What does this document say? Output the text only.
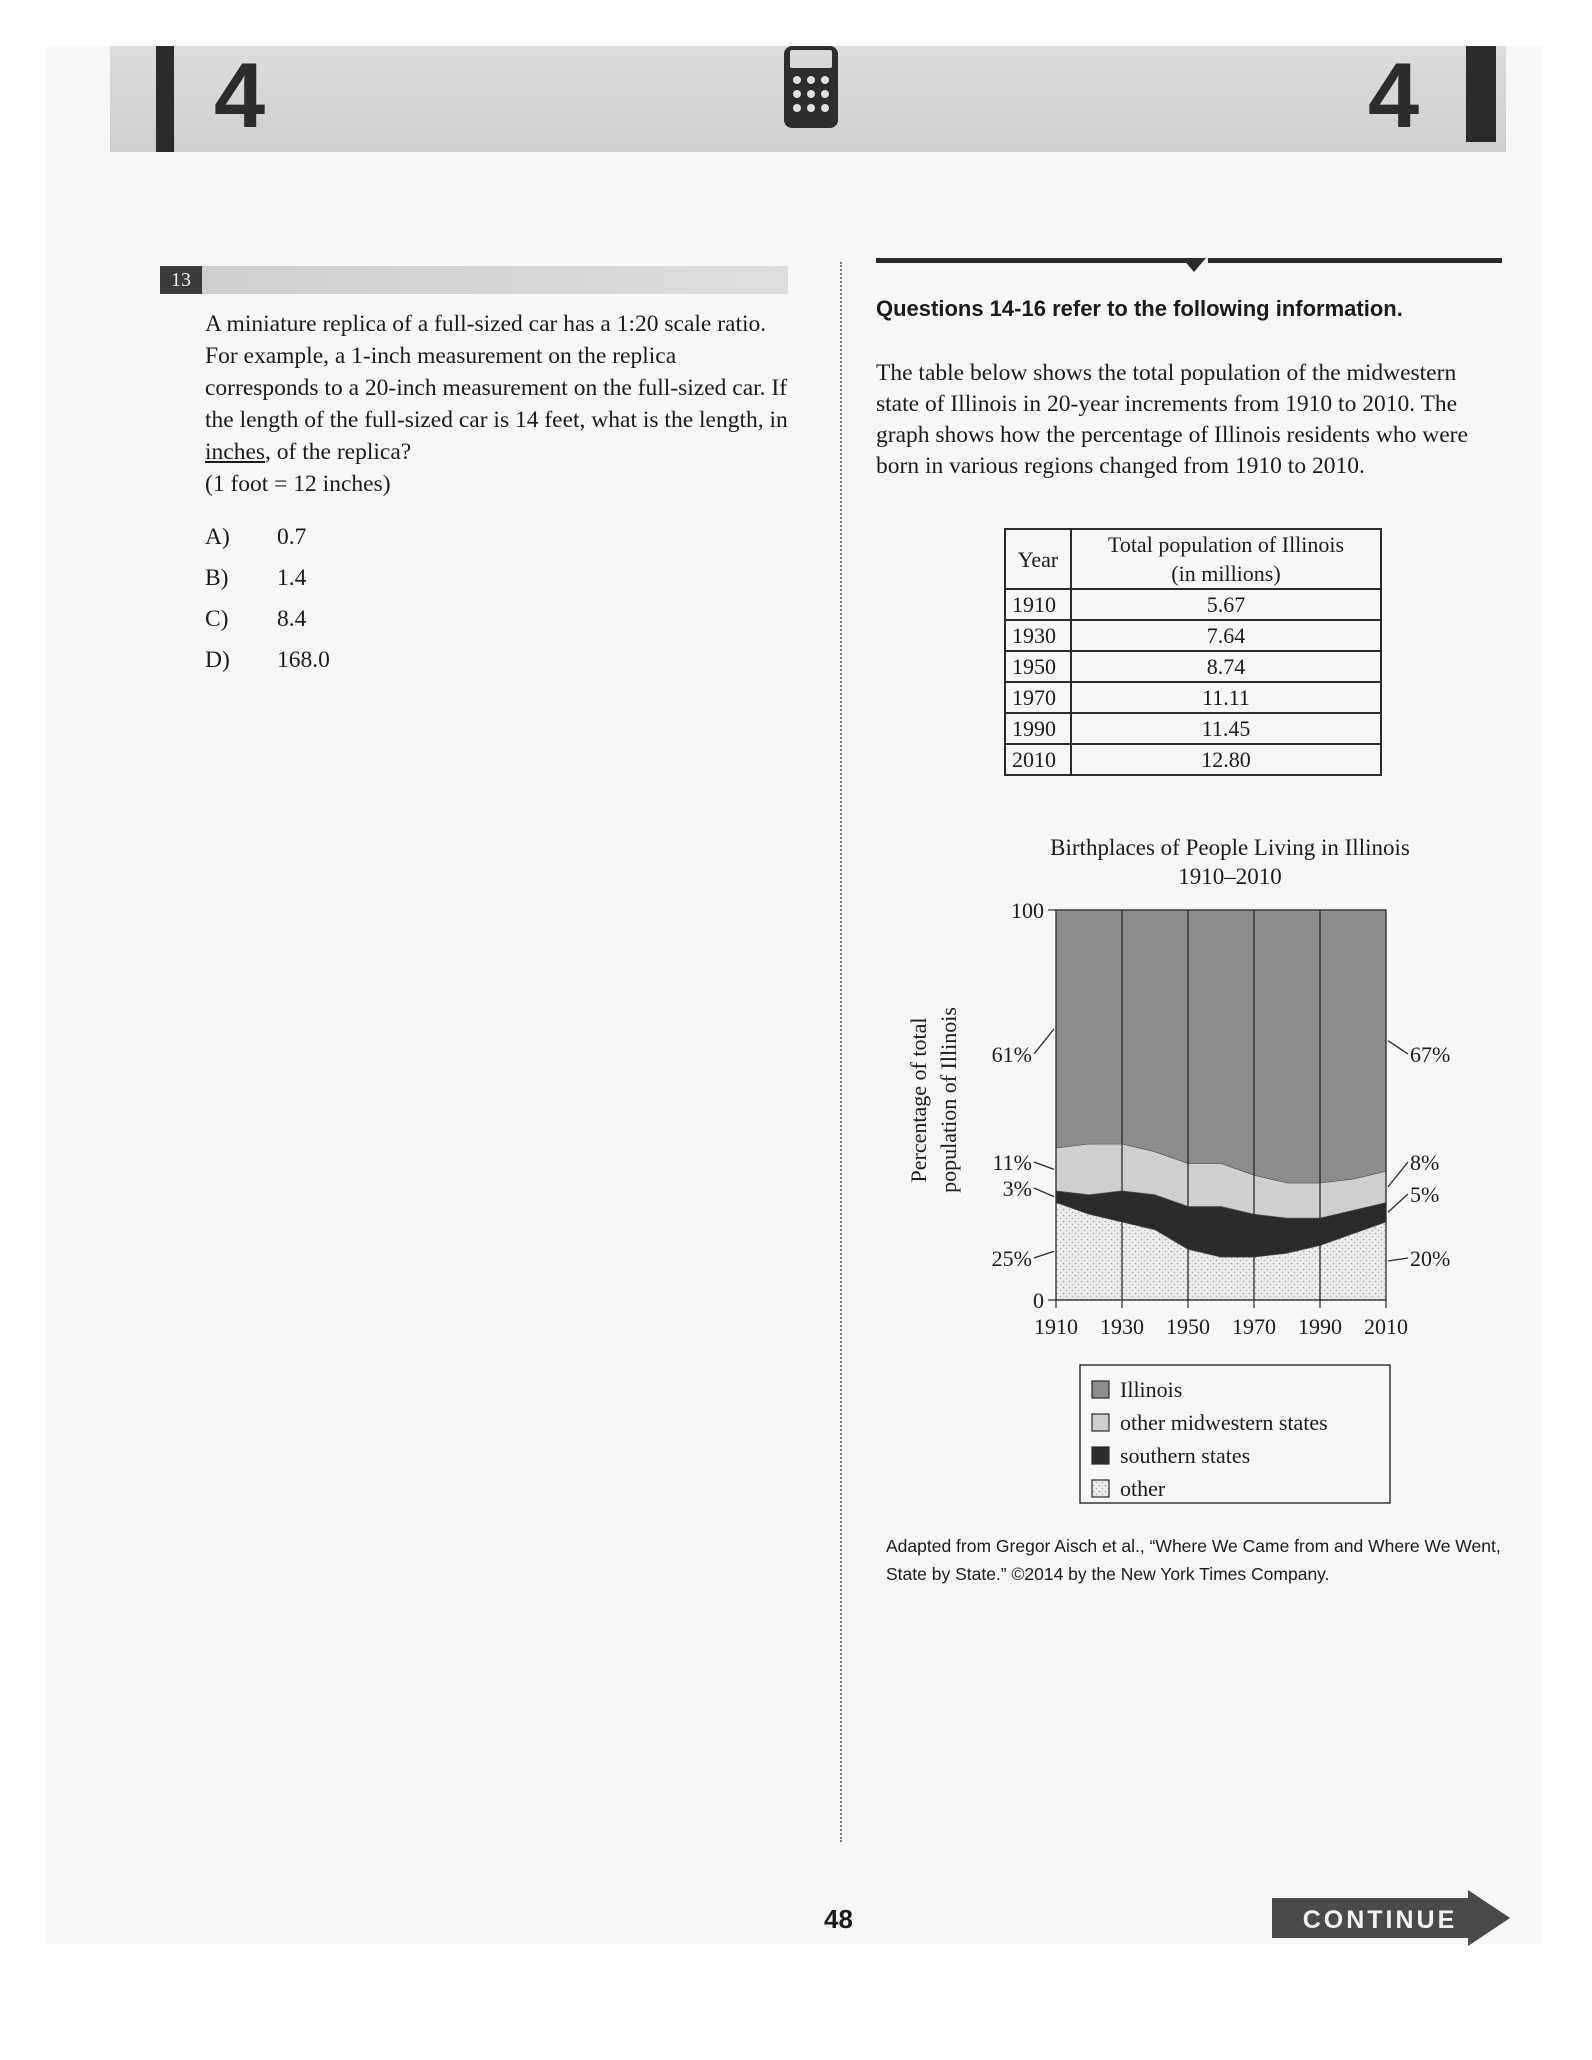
4	4
13

A miniature replica of a full-sized car has a 1:20 scale ratio. For example, a 1-inch measurement on the replica corresponds to a 20-inch measurement on the full-sized car. If the length of the full-sized car is 14 feet, what is the length, in inches, of the replica?
(1 foot = 12 inches)

A)	0.7
B)	1.4
C)	8.4
D)	168.0

Questions 14-16 refer to the following information.

The table below shows the total population of the midwestern state of Illinois in 20-year increments from 1910 to 2010. The graph shows how the percentage of Illinois residents who were born in various regions changed from 1910 to 2010.

Year	Total population of Illinois
(in millions)
1910	5.67
1930	7.64
1950	8.74
1970	11.11
1990	11.45
2010	12.80
Birthplaces of People Living in Illinois
1910–2010
1910 1930 1950 1970 1990 2010
0
100
61%	67%
11%	8%
3%	5%
25%	20%
Percentage of total population of Illinois
Illinois
other midwestern states
southern states
other

Adapted from Gregor Aisch et al., “Where We Came from and Where We Went, State by State.” ©2014 by the New York Times Company.

48	CONTINUE
